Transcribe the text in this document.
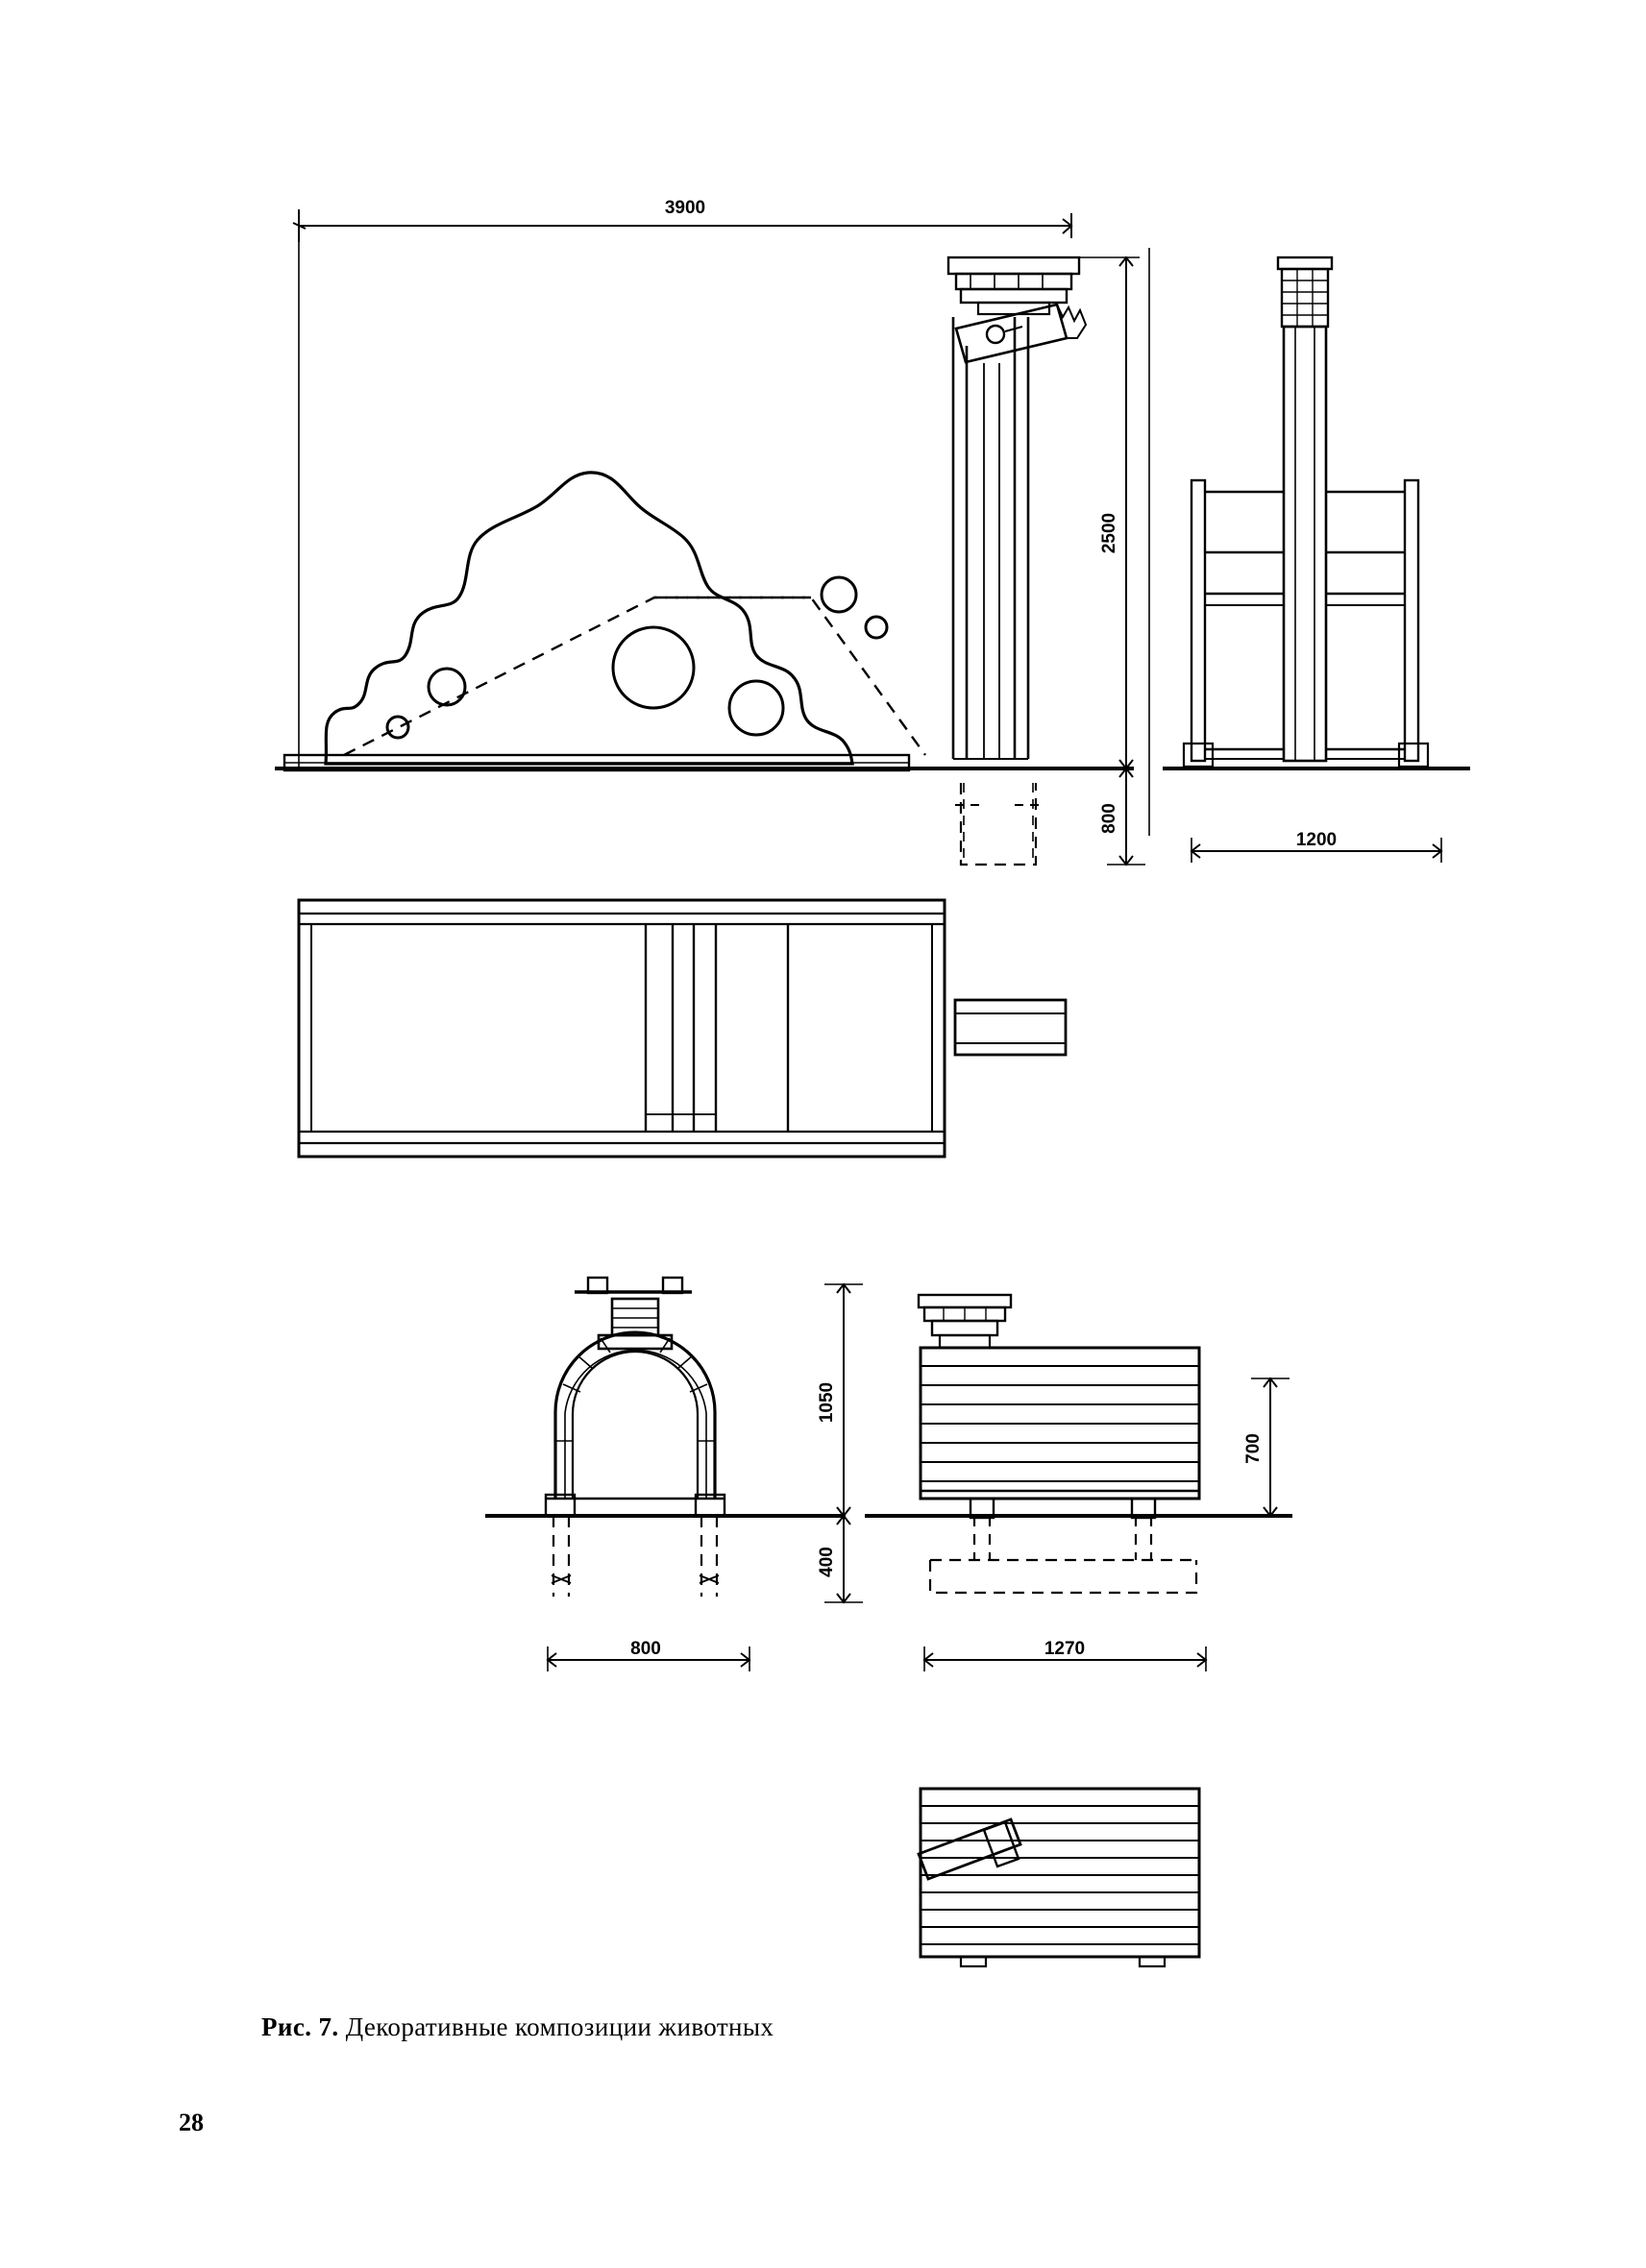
3900
2500
800
1200
800
1050
400
1270
700
Рис. 7. Декоративные композиции животных
28
